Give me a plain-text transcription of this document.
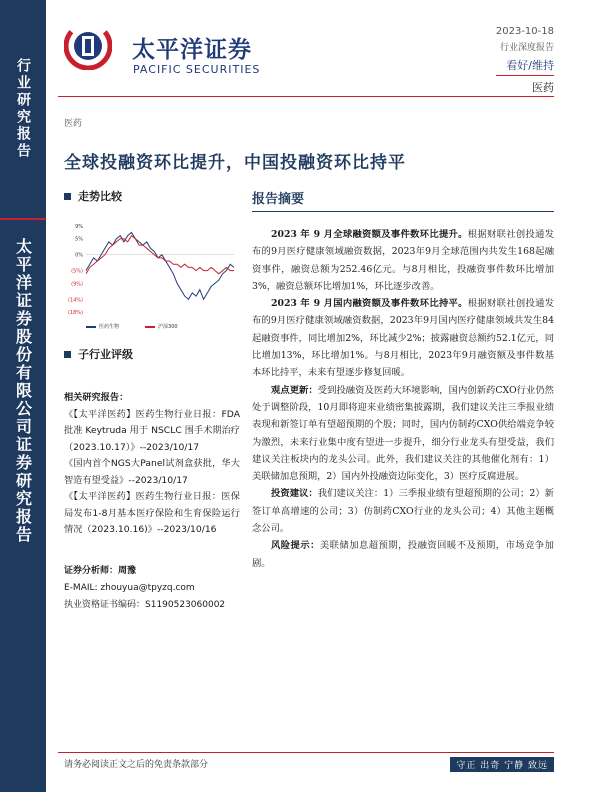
行业研究报告
太平洋证券股份有限公司证券研究报告
太平洋证券
PACIFIC SECURITIES
2023-10-18
行业深度报告
看好/维持
医药
医药
全球投融资环比提升，中国投融资环比持平
走势比较
9%
5%
0%
(5%)
(9%)
(14%)
(18%)
医药生物	沪深300
子行业评级
相关研究报告：

《【太平洋医药】医药生物行业日报：FDA 批准 Keytruda 用于 NSCLC 围手术期治疗（2023.10.17）》--2023/10/17

《国内首个NGS大Panel试剂盒获批，华大智造有望受益》--2023/10/17

《【太平洋医药】医药生物行业日报：医保局发布1-8月基本医疗保险和生育保险运行情况（2023.10.16)》--2023/10/16

证券分析师：周豫
E-MAIL: zhouyua@tpyzq.com
执业资格证书编码：S1190523060002
报告摘要

2023 年 9 月全球融资额及事件数环比提升。根据财联社创投通发布的9月医疗健康领域融资数据，2023年9月全球范围内共发生168起融资事件，融资总额为252.46亿元。与8月相比，投融资事件数环比增加3%，融资总额环比增加1%，环比逐步改善。

2023 年 9 月国内融资额及事件数环比持平。根据财联社创投通发布的9月医疗健康领域融资数据，2023年9月国内医疗健康领域共发生84起融资事件，同比增加2%，环比减少2%；披露融资总额约52.1亿元，同比增加13%，环比增加1%。与8月相比，2023年9月融资额及事件数基本环比持平，未来有望逐步修复回暖。

观点更新：受到投融资及医药大环境影响，国内创新药CXO行业仍然处于调整阶段，10月即将迎来业绩密集披露期，我们建议关注三季报业绩表现和新签订单有望超预期的个股；同时，国内仿制药CXO供给端竞争较为激烈，未来行业集中度有望进一步提升，细分行业龙头有望受益，我们建议关注板块内的龙头公司。此外，我们建议关注的其他催化剂有：1）美联储加息预期，2）国内外投融资边际变化，3）医疗反腐进展。

投资建议：我们建议关注：1）三季报业绩有望超预期的公司；2）新签订单高增速的公司；3）仿制药CXO行业的龙头公司；4）其他主题概念公司。

风险提示：美联储加息超预期，投融资回暖不及预期，市场竞争加剧。

请务必阅读正文之后的免责条款部分	守正 出奇 宁静 致远
